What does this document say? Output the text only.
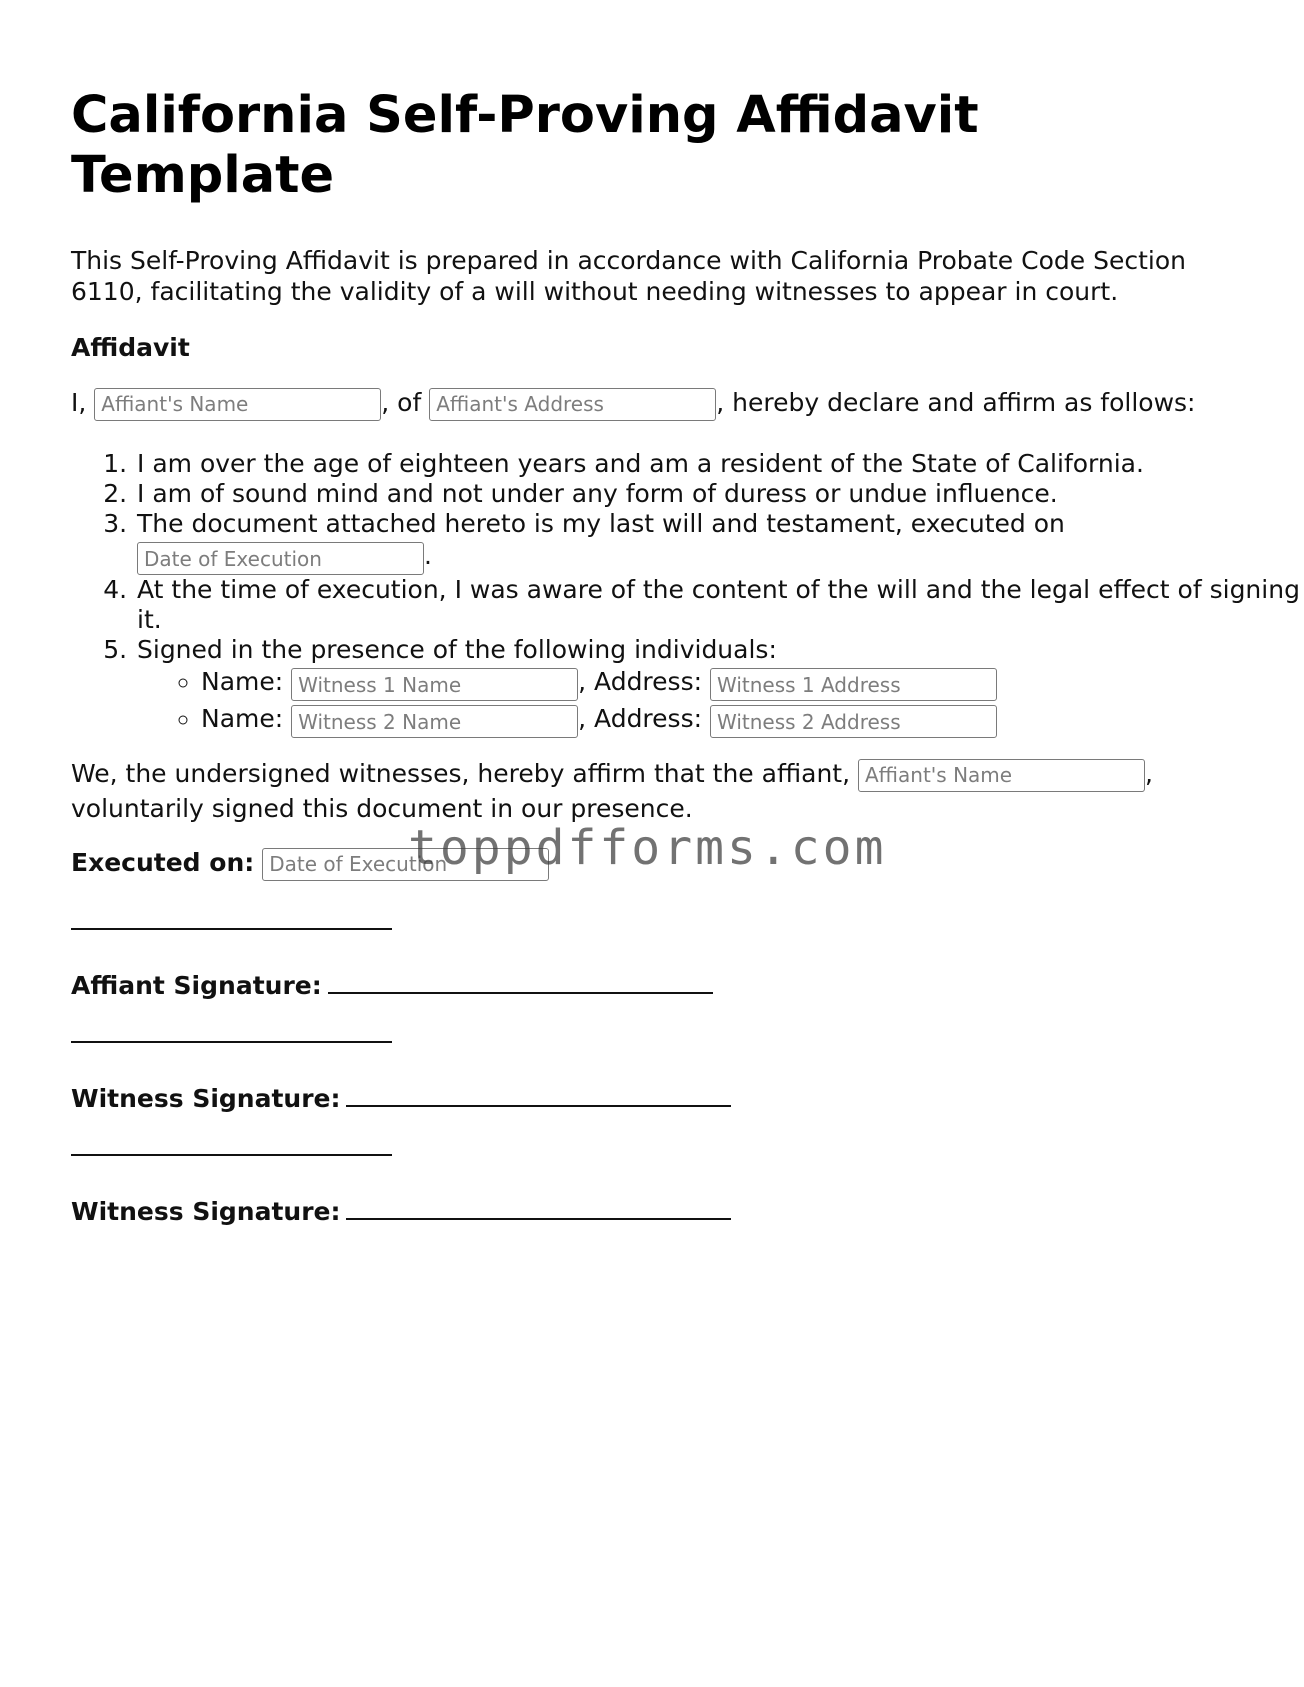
California Self-Proving Affidavit Template

This Self-Proving Affidavit is prepared in accordance with California Probate Code Section 6110, facilitating the validity of a will without needing witnesses to appear in court.

Affidavit
I, Affiant's Name	, of Affiant's Address	, hereby declare and affirm as follows:
1. I am over the age of eighteen years and am a resident of the State of California.
2. I am of sound mind and not under any form of duress or undue influence.
3. The document attached hereto is my last will and testament, executed on
Date of Execution.
4. At the time of execution, I was aware of the content of the will and the legal effect of signing it.
5. Signed in the presence of the following individuals:
◦ Name: Witness 1 Name	, Address: Witness 1 Address
◦ Name: Witness 2 Name	, Address: Witness 2 Address

We, the undersigned witnesses, hereby affirm that the affiant, Affiant's Name	, voluntarily signed this document in our presence.

Executed on: Date of Execution
Affiant Signature:
Witness Signature:
Witness Signature:
toppdfforms.com
